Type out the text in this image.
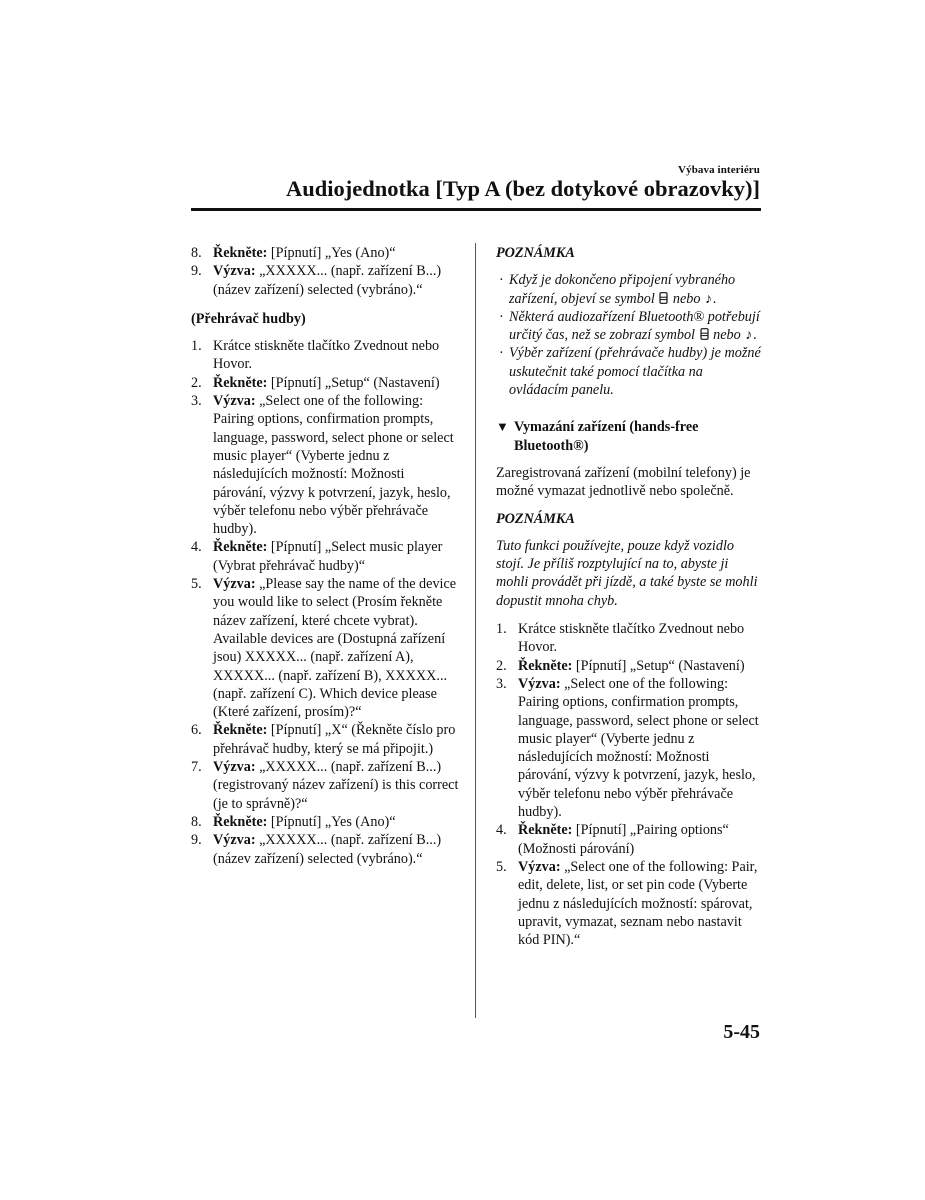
Výbava interiéru
Audiojednotka [Typ A (bez dotykové obrazovky)]
8. Řekněte: [Pípnutí] „Yes (Ano)“
9. Výzva: „XXXXX... (např. zařízení B...) (název zařízení) selected (vybráno).“
(Přehrávač hudby)
1. Krátce stiskněte tlačítko Zvednout nebo Hovor.
2. Řekněte: [Pípnutí] „Setup“ (Nastavení)
3. Výzva: „Select one of the following: Pairing options, confirmation prompts, language, password, select phone or select music player“ (Vyberte jednu z následujících možností: Možnosti párování, výzvy k potvrzení, jazyk, heslo, výběr telefonu nebo výběr přehrávače hudby).
4. Řekněte: [Pípnutí] „Select music player (Vybrat přehrávač hudby)“
5. Výzva: „Please say the name of the device you would like to select (Prosím řekněte název zařízení, které chcete vybrat). Available devices are (Dostupná zařízení jsou) XXXXX... (např. zařízení A), XXXXX... (např. zařízení B), XXXXX... (např. zařízení C). Which device please (Které zařízení, prosím)?“
6. Řekněte: [Pípnutí] „X“ (Řekněte číslo pro přehrávač hudby, který se má připojit.)
7. Výzva: „XXXXX... (např. zařízení B...) (registrovaný název zařízení) is this correct (je to správně)?“
8. Řekněte: [Pípnutí] „Yes (Ano)“
9. Výzva: „XXXXX... (např. zařízení B...) (název zařízení) selected (vybráno).“
POZNÁMKA
· Když je dokončeno připojení vybraného zařízení, objeví se symbol  nebo ♪.
· Některá audiozařízení Bluetooth® potřebují určitý čas, než se zobrazí symbol  nebo ♪.
· Výběr zařízení (přehrávače hudby) je možné uskutečnit také pomocí tlačítka na ovládacím panelu.
▼ Vymazání zařízení (hands-free Bluetooth®)

Zaregistrovaná zařízení (mobilní telefony) je možné vymazat jednotlivě nebo společně.

POZNÁMKA

Tuto funkci používejte, pouze když vozidlo stojí. Je příliš rozptylující na to, abyste ji mohli provádět při jízdě, a také byste se mohli dopustit mnoha chyb.

1. Krátce stiskněte tlačítko Zvednout nebo Hovor.
2. Řekněte: [Pípnutí] „Setup“ (Nastavení)
3. Výzva: „Select one of the following: Pairing options, confirmation prompts, language, password, select phone or select music player“ (Vyberte jednu z následujících možností: Možnosti párování, výzvy k potvrzení, jazyk, heslo, výběr telefonu nebo výběr přehrávače hudby).
4. Řekněte: [Pípnutí] „Pairing options“ (Možnosti párování)
5. Výzva: „Select one of the following: Pair, edit, delete, list, or set pin code (Vyberte jednu z následujících možností: spárovat, upravit, vymazat, seznam nebo nastavit kód PIN).“
5-45
